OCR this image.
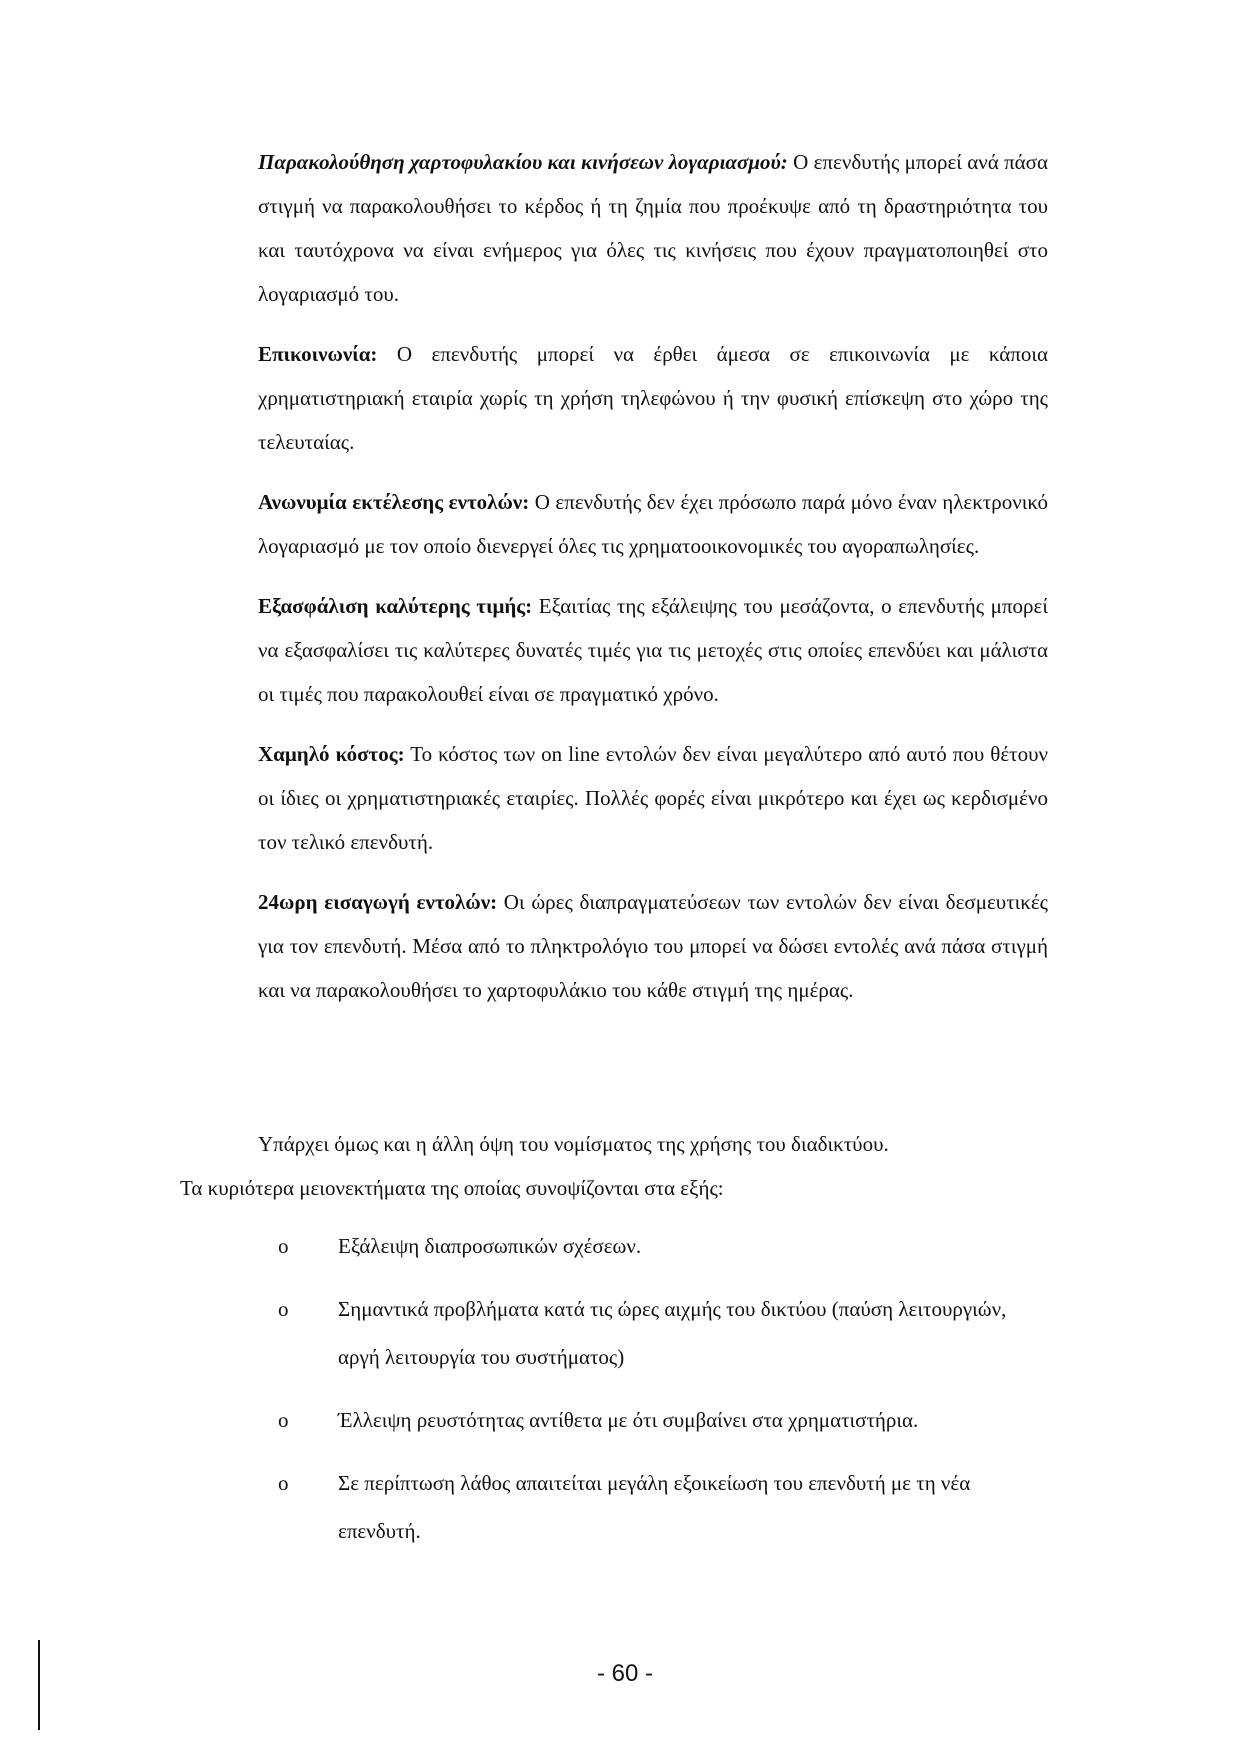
Παρακολούθηση χαρτοφυλακίου και κινήσεων λογαριασμού: Ο επενδυτής μπορεί ανά πάσα στιγμή να παρακολουθήσει το κέρδος ή τη ζημία που προέκυψε από τη δραστηριότητα του και ταυτόχρονα να είναι ενήμερος για όλες τις κινήσεις που έχουν πραγματοποιηθεί στο λογαριασμό του.

Επικοινωνία: Ο επενδυτής μπορεί να έρθει άμεσα σε επικοινωνία με κάποια χρηματιστηριακή εταιρία χωρίς τη χρήση τηλεφώνου ή την φυσική επίσκεψη στο χώρο της τελευταίας.

Ανωνυμία εκτέλεσης εντολών: Ο επενδυτής δεν έχει πρόσωπο παρά μόνο έναν ηλεκτρονικό λογαριασμό με τον οποίο διενεργεί όλες τις χρηματοοικονομικές του αγοραπωλησίες.

Εξασφάλιση καλύτερης τιμής: Εξαιτίας της εξάλειψης του μεσάζοντα, ο επενδυτής μπορεί να εξασφαλίσει τις καλύτερες δυνατές τιμές για τις μετοχές στις οποίες επενδύει και μάλιστα οι τιμές που παρακολουθεί είναι σε πραγματικό χρόνο.

Χαμηλό κόστος: Το κόστος των on line εντολών δεν είναι μεγαλύτερο από αυτό που θέτουν οι ίδιες οι χρηματιστηριακές εταιρίες. Πολλές φορές είναι μικρότερο και έχει ως κερδισμένο τον τελικό επενδυτή.

24ωρη εισαγωγή εντολών: Οι ώρες διαπραγματεύσεων των εντολών δεν είναι δεσμευτικές για τον επενδυτή. Μέσα από το πληκτρολόγιο του μπορεί να δώσει εντολές ανά πάσα στιγμή και να παρακολουθήσει το χαρτοφυλάκιο του κάθε στιγμή της ημέρας.

Υπάρχει όμως και η άλλη όψη του νομίσματος της χρήσης του διαδικτύου.
Τα κυριότερα μειονεκτήματα της οποίας συνοψίζονται στα εξής:

o Εξάλειψη διαπροσωπικών σχέσεων.
o Σημαντικά προβλήματα κατά τις ώρες αιχμής του δικτύου (παύση λειτουργιών, αργή λειτουργία του συστήματος)
o Έλλειψη ρευστότητας αντίθετα με ότι συμβαίνει στα χρηματιστήρια.
o Σε περίπτωση λάθος απαιτείται μεγάλη εξοικείωση του επενδυτή με τη νέα επενδυτή.
- 60 -
